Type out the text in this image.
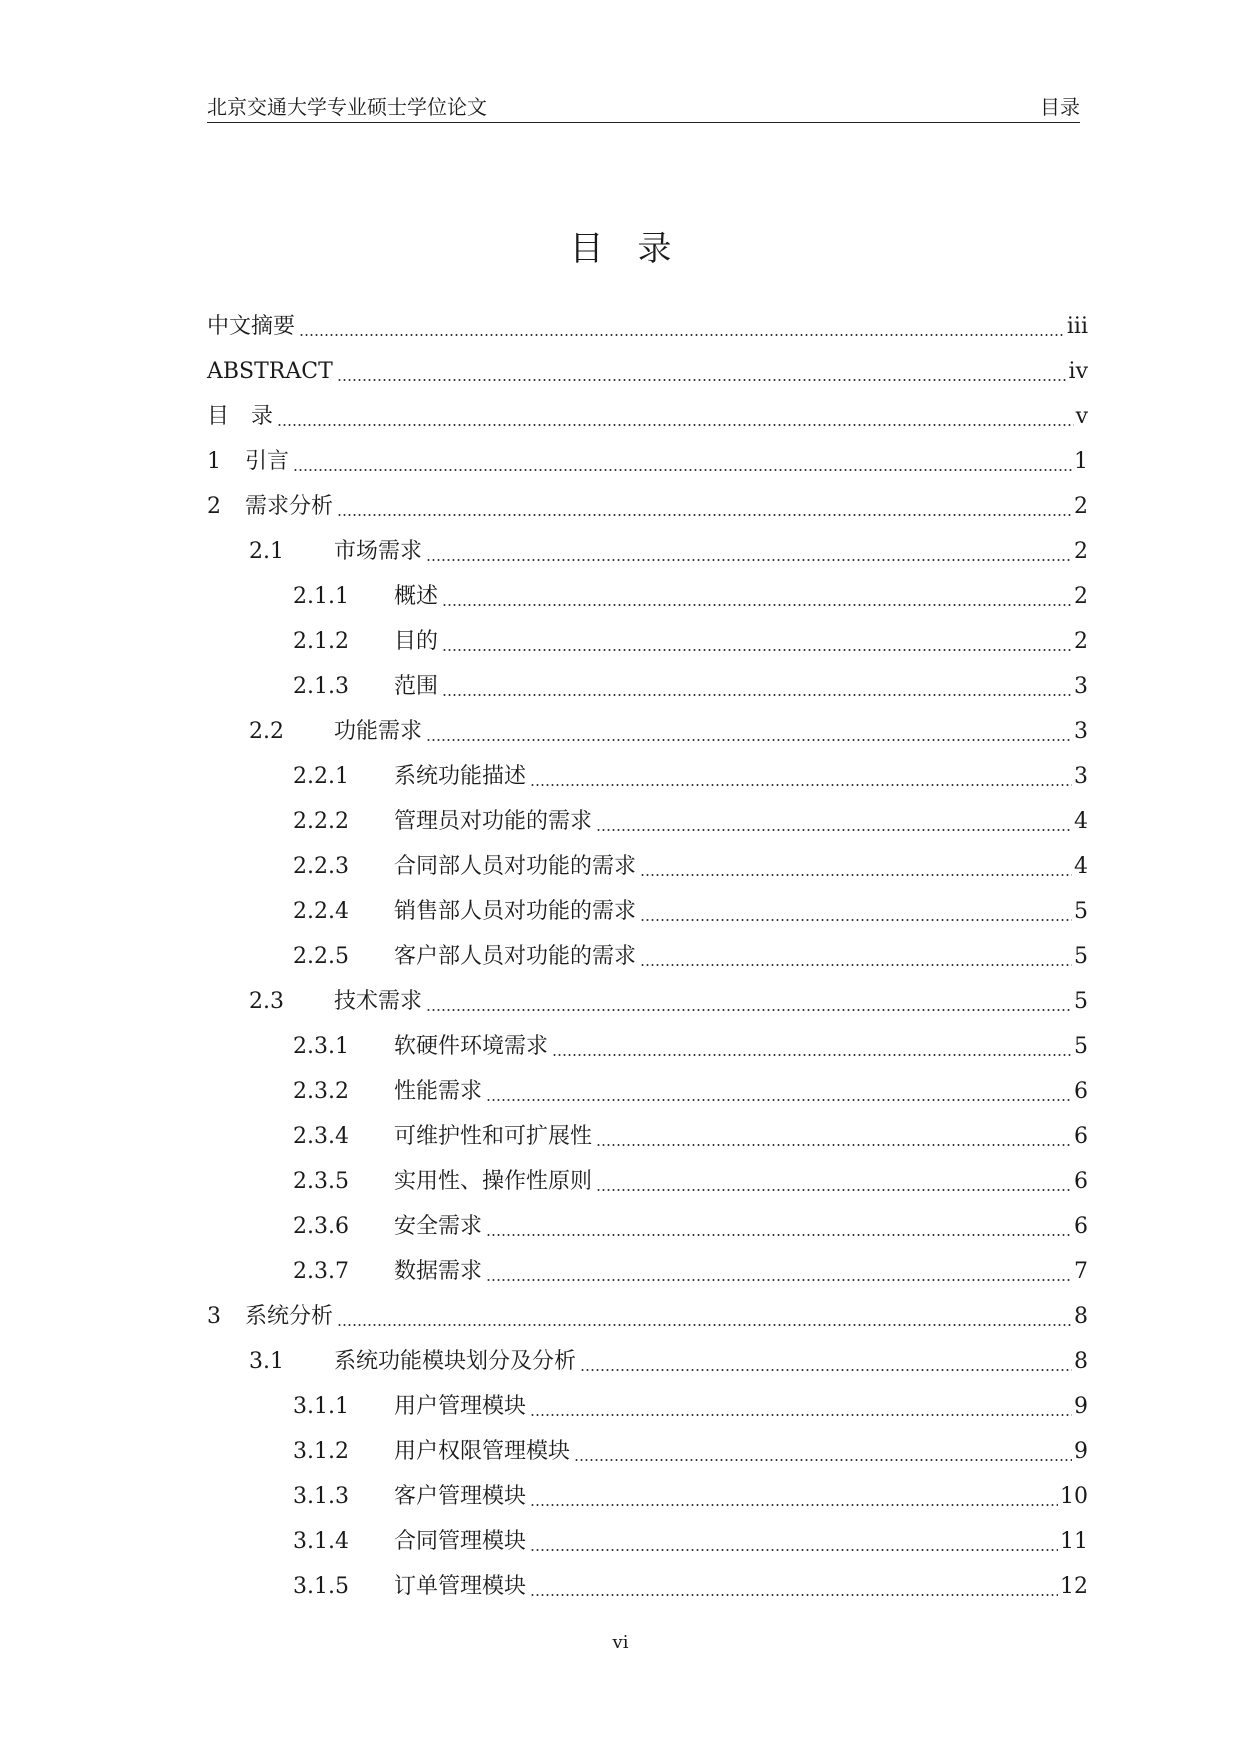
北京交通大学专业硕士学位论文	目录
目　录
中文摘要	iii
ABSTRACT	iv
目　录	v
1	引言	1
2	需求分析	2
2.1	市场需求	2
2.1.1	概述	2
2.1.2	目的	2
2.1.3	范围	3
2.2	功能需求	3
2.2.1	系统功能描述	3
2.2.2	管理员对功能的需求	4
2.2.3	合同部人员对功能的需求	4
2.2.4	销售部人员对功能的需求	5
2.2.5	客户部人员对功能的需求	5
2.3	技术需求	5
2.3.1	软硬件环境需求	5
2.3.2	性能需求	6
2.3.4	可维护性和可扩展性	6
2.3.5	实用性、操作性原则	6
2.3.6	安全需求	6
2.3.7	数据需求	7
3	系统分析	8
3.1	系统功能模块划分及分析	8
3.1.1	用户管理模块	9
3.1.2	用户权限管理模块	9
3.1.3	客户管理模块	10
3.1.4	合同管理模块	11
3.1.5	订单管理模块	12
vi
